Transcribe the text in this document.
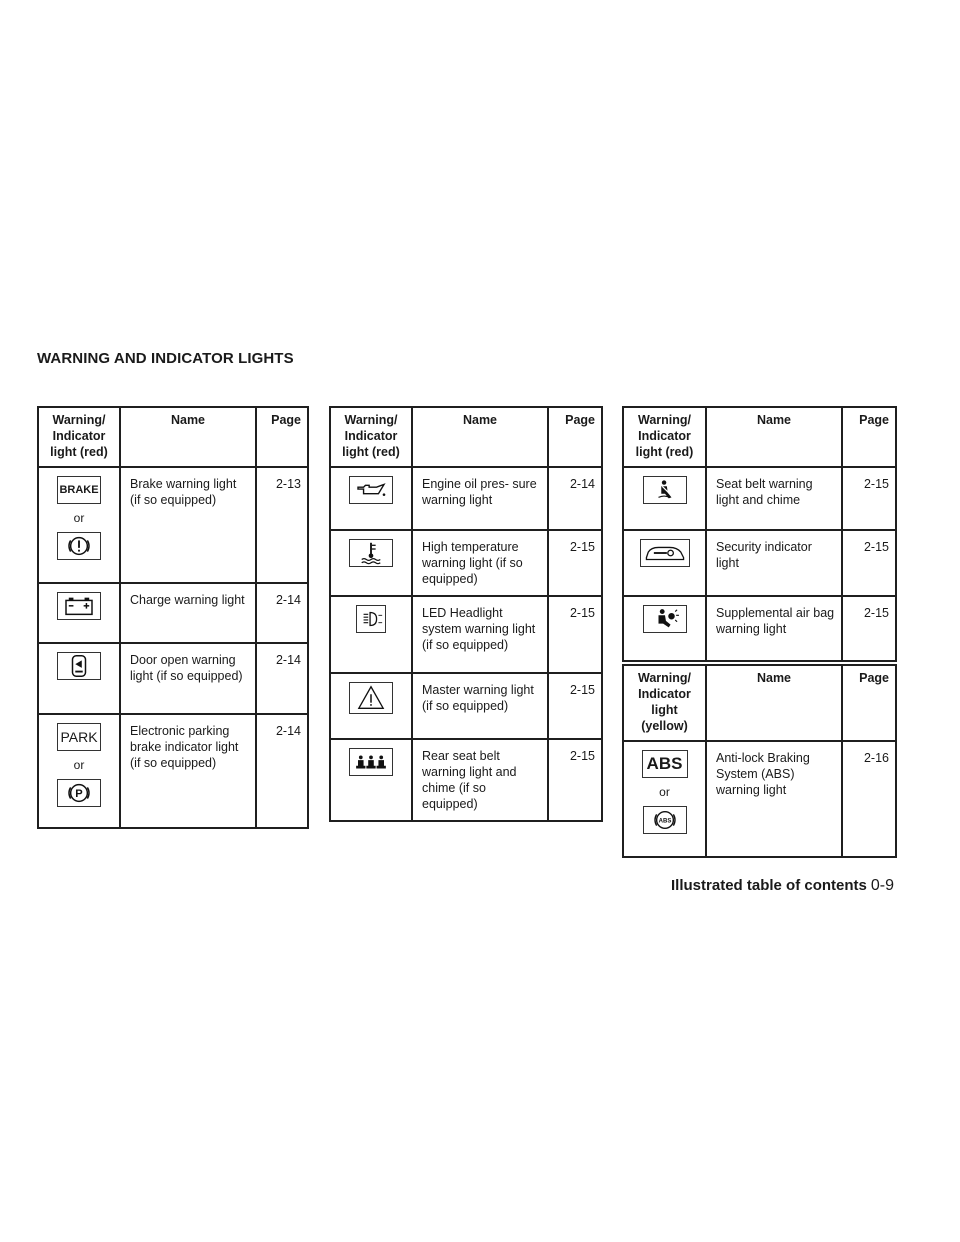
WARNING AND INDICATOR LIGHTS
Warning/ Indicator light (red)	Name	Page

BRAKE
or	Brake warning light (if so equipped)	2-13

	Charge warning light	2-14

	Door open warning light (if so equipped)	2-14

PARK
or
P	Electronic parking brake indicator light (if so equipped)	2-14
Warning/ Indicator light (red)	Name	Page

	Engine oil pres- sure warning light	2-14

	High temperature warning light (if so equipped)	2-15

	LED Headlight system warning light (if so equipped)	2-15

	Master warning light (if so equipped)	2-15

	Rear seat belt warning light and chime (if so equipped)	2-15
Warning/ Indicator light (red)	Name	Page

	Seat belt warning light and chime	2-15

	Security indicator light	2-15

	Supplemental air bag warning light	2-15
Warning/ Indicator light (yellow)	Name	Page

ABS
or
ABS	Anti-lock Braking System (ABS) warning light	2-16
Illustrated table of contents 0-9
